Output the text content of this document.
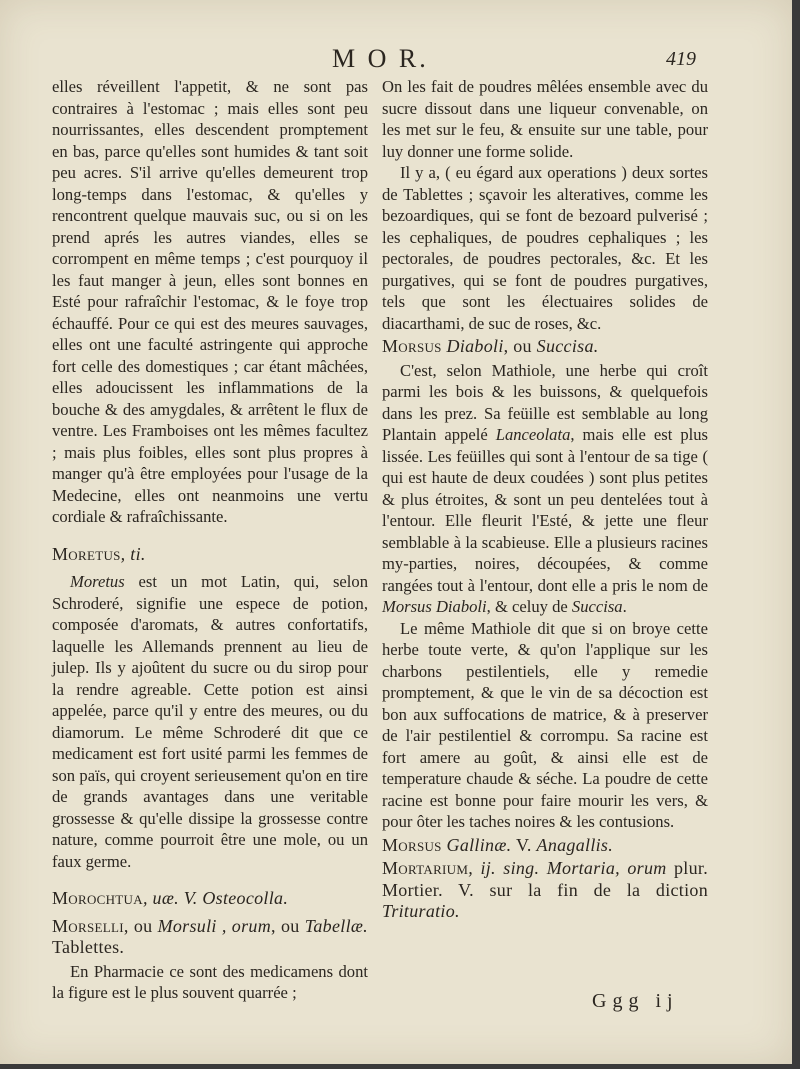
M O R.	419

elles réveillent l'appetit, & ne sont pas contraires à l'estomac ; mais elles sont peu nourrissantes, elles descendent promptement en bas, parce qu'elles sont humides & tant soit peu acres. S'il arrive qu'elles demeurent trop long-temps dans l'estomac, & qu'elles y rencontrent quelque mauvais suc, ou si on les prend aprés les autres viandes, elles se corrompent en même temps ; c'est pourquoy il les faut manger à jeun, elles sont bonnes en Esté pour rafraîchir l'estomac, & le foye trop échauffé. Pour ce qui est des meures sauvages, elles ont une faculté astringente qui approche fort celle des domestiques ; car étant mâchées, elles adoucissent les inflammations de la bouche & des amygdales, & arrêtent le flux de ventre. Les Framboises ont les mêmes facultez ; mais plus foibles, elles sont plus propres à manger qu'à être employées pour l'usage de la Medecine, elles ont neanmoins une vertu cordiale & rafraîchissante.

Moretus, ti.

Moretus est un mot Latin, qui, selon Schroderé, signifie une espece de potion, composée d'aromats, & autres confortatifs, laquelle les Allemands prennent au lieu de julep. Ils y ajoûtent du sucre ou du sirop pour la rendre agreable. Cette potion est ainsi appelée, parce qu'il y entre des meures, ou du diamorum. Le même Schroderé dit que ce medicament est fort usité parmi les femmes de son païs, qui croyent serieusement qu'on en tire de grands avantages dans une veritable grossesse & qu'elle dissipe la grossesse contre nature, comme pourroit être une mole, ou un faux germe.

Morochtua, uæ. V. Osteocolla.
Morselli, ou Morsuli , orum, ou Tabellæ. Tablettes.

En Pharmacie ce sont des medicamens dont la figure est le plus souvent quarrée ;

On les fait de poudres mêlées ensemble avec du sucre dissout dans une liqueur convenable, on les met sur le feu, & ensuite sur une table, pour luy donner une forme solide.

Il y a, ( eu égard aux operations ) deux sortes de Tablettes ; sçavoir les alteratives, comme les bezoardiques, qui se font de bezoard pulverisé ; les cephaliques, de poudres cephaliques ; les pectorales, de poudres pectorales, &c. Et les purgatives, qui se font de poudres purgatives, tels que sont les électuaires solides de diacarthami, de suc de roses, &c.

Morsus Diaboli, ou Succisa.

C'est, selon Mathiole, une herbe qui croît parmi les bois & les buissons, & quelquefois dans les prez. Sa feüille est semblable au long Plantain appelé Lanceolata, mais elle est plus lissée. Les feüilles qui sont à l'entour de sa tige ( qui est haute de deux coudées ) sont plus petites & plus étroites, & sont un peu dentelées tout à l'entour. Elle fleurit l'Esté, & jette une fleur semblable à la scabieuse. Elle a plusieurs racines my-parties, noires, découpées, & comme rangées tout à l'entour, dont elle a pris le nom de Morsus Diaboli, & celuy de Succisa.

Le même Mathiole dit que si on broye cette herbe toute verte, & qu'on l'applique sur les charbons pestilentiels, elle y remedie promptement, & que le vin de sa décoction est bon aux suffocations de matrice, & à preserver de l'air pestilentiel & corrompu. Sa racine est fort amere au goût, & ainsi elle est de temperature chaude & séche. La poudre de cette racine est bonne pour faire mourir les vers, & pour ôter les taches noires & les contusions.

Morsus Gallinæ. V. Anagallis.
Mortarium, ij. sing. Mortaria, orum plur. Mortier. V. sur la fin de la diction Trituratio.
Ggg ij
